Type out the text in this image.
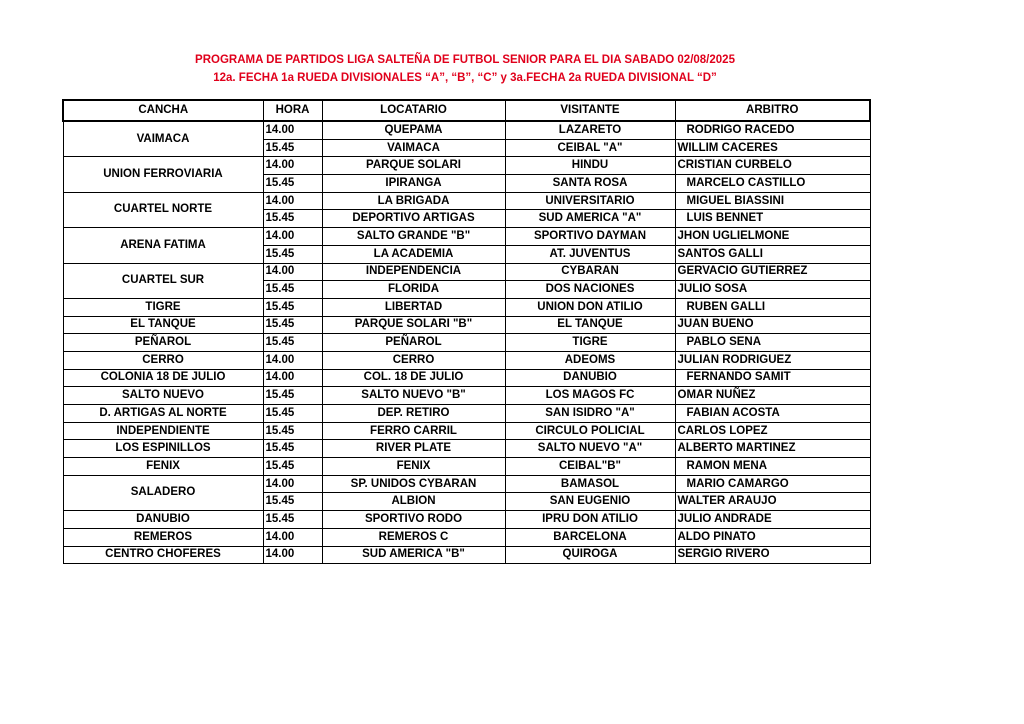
PROGRAMA DE PARTIDOS LIGA SALTEÑA DE FUTBOL SENIOR PARA EL DIA SABADO 02/08/2025
12a. FECHA 1a RUEDA DIVISIONALES “A”, “B”, “C” y 3a.FECHA 2a RUEDA DIVISIONAL “D”
CANCHA	HORA	LOCATARIO	VISITANTE	ARBITRO
VAIMACA	14.00	QUEPAMA	LAZARETO	RODRIGO RACEDO
	15.45	VAIMACA	CEIBAL "A"	WILLIM CACERES
UNION FERROVIARIA	14.00	PARQUE SOLARI	HINDU	CRISTIAN CURBELO
	15.45	IPIRANGA	SANTA ROSA	MARCELO CASTILLO
CUARTEL NORTE	14.00	LA BRIGADA	UNIVERSITARIO	MIGUEL BIASSINI
	15.45	DEPORTIVO ARTIGAS	SUD AMERICA "A"	LUIS BENNET
ARENA FATIMA	14.00	SALTO GRANDE "B"	SPORTIVO DAYMAN	JHON UGLIELMONE
	15.45	LA ACADEMIA	AT. JUVENTUS	SANTOS GALLI
CUARTEL SUR	14.00	INDEPENDENCIA	CYBARAN	GERVACIO GUTIERREZ
	15.45	FLORIDA	DOS NACIONES	JULIO SOSA
TIGRE	15.45	LIBERTAD	UNION DON ATILIO	RUBEN GALLI
EL TANQUE	15.45	PARQUE SOLARI "B"	EL TANQUE	JUAN BUENO
PEÑAROL	15.45	PEÑAROL	TIGRE	PABLO SENA
CERRO	14.00	CERRO	ADEOMS	JULIAN RODRIGUEZ
COLONIA 18 DE JULIO	14.00	COL. 18 DE JULIO	DANUBIO	FERNANDO SAMIT
SALTO NUEVO	15.45	SALTO NUEVO "B"	LOS MAGOS FC	OMAR NUÑEZ
D. ARTIGAS AL NORTE	15.45	DEP. RETIRO	SAN ISIDRO "A"	FABIAN ACOSTA
INDEPENDIENTE	15.45	FERRO CARRIL	CIRCULO POLICIAL	CARLOS LOPEZ
LOS ESPINILLOS	15.45	RIVER PLATE	SALTO NUEVO "A"	ALBERTO MARTINEZ
FENIX	15.45	FENIX	CEIBAL"B"	RAMON MENA
SALADERO	14.00	SP. UNIDOS CYBARAN	BAMASOL	MARIO CAMARGO
	15.45	ALBION	SAN EUGENIO	WALTER ARAUJO
DANUBIO	15.45	SPORTIVO RODO	IPRU DON ATILIO	JULIO ANDRADE
REMEROS	14.00	REMEROS C	BARCELONA	ALDO PINATO
CENTRO CHOFERES	14.00	SUD AMERICA "B"	QUIROGA	SERGIO RIVERO
